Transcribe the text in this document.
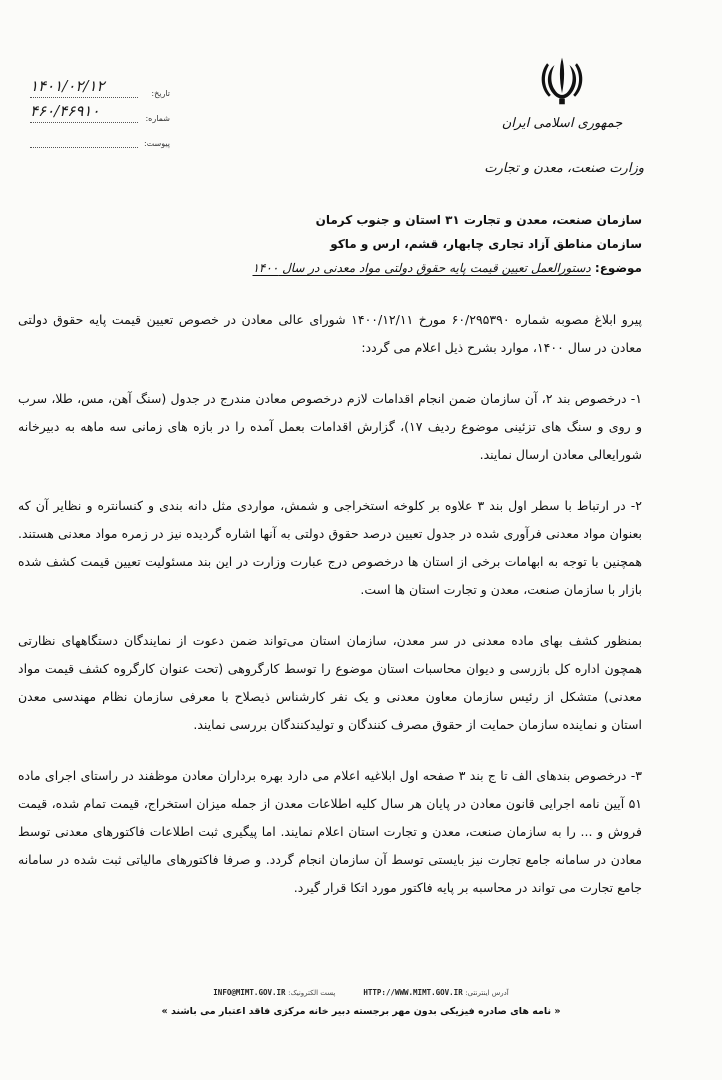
جمهوری اسلامی ایران
وزارت صنعت، معدن و تجارت
تاریخ:
۱۴۰۱/۰۲/۱۲
شماره:
۴۶۰/۴۶۹۱۰
پیوست:
سازمان صنعت، معدن و تجارت ۳۱ استان و جنوب کرمان
سازمان مناطق آزاد تجاری چابهار، قشم، ارس و ماکو
موضوع: دستورالعمل تعیین قیمت پایه حقوق دولتی مواد معدنی در سال ۱۴۰۰

پیرو ابلاغ مصوبه شماره ۶۰/۲۹۵۳۹۰ مورخ ۱۴۰۰/۱۲/۱۱ شورای عالی معادن در خصوص تعیین قیمت پایه حقوق دولتی معادن در سال ۱۴۰۰، موارد بشرح ذیل اعلام می گردد:

۱- درخصوص بند ۲، آن سازمان ضمن انجام اقدامات لازم درخصوص معادن مندرج در جدول (سنگ آهن، مس، طلا، سرب و روی و سنگ های تزئینی موضوع ردیف ۱۷)، گزارش اقدامات بعمل آمده را در بازه های زمانی سه ماهه به دبیرخانه شورایعالی معادن ارسال نمایند.

۲- در ارتباط با سطر اول بند ۳ علاوه بر کلوخه استخراجی و شمش، مواردی مثل دانه بندی و کنسانتره و نظایر آن که بعنوان مواد معدنی فرآوری شده در جدول تعیین درصد حقوق دولتی به آنها اشاره گردیده نیز در زمره مواد معدنی هستند. همچنین با توجه به ابهامات برخی از استان ها درخصوص درج عبارت وزارت در این بند مسئولیت تعیین قیمت کشف شده بازار با سازمان صنعت، معدن و تجارت استان ها است.

بمنظور کشف بهای ماده معدنی در سر معدن، سازمان استان می‌تواند ضمن دعوت از نمایندگان دستگاههای نظارتی همچون اداره کل بازرسی و دیوان محاسبات استان موضوع را توسط کارگروهی (تحت عنوان کارگروه کشف قیمت مواد معدنی) متشکل از رئیس سازمان معاون معدنی و یک نفر کارشناس ذیصلاح با معرفی سازمان نظام مهندسی معدن استان و نماینده سازمان حمایت از حقوق مصرف کنندگان و تولیدکنندگان بررسی نمایند.

۳- درخصوص بندهای الف تا ج بند ۳ صفحه اول ابلاغیه اعلام می دارد بهره برداران معادن موظفند در راستای اجرای ماده ۵۱ آیین نامه اجرایی قانون معادن در پایان هر سال کلیه اطلاعات معدن از جمله میزان استخراج، قیمت تمام شده، قیمت فروش و ... را به سازمان صنعت، معدن و تجارت استان اعلام نمایند. اما پیگیری ثبت اطلاعات فاکتورهای معدنی توسط معادن در سامانه جامع تجارت نیز بایستی توسط آن سازمان انجام گردد. و صرفا فاکتورهای مالیاتی ثبت شده در سامانه جامع تجارت می تواند در محاسبه بر پایه فاکتور مورد اتکا قرار گیرد.

آدرس اینترنتی: HTTP://WWW.MIMT.GOV.IR
پست الکترونیک: INFO@MIMT.GOV.IR
« نامه های صادره فیزیکی بدون مهر برجسته دبیر خانه مرکزی فاقد اعتبار می باشند »
